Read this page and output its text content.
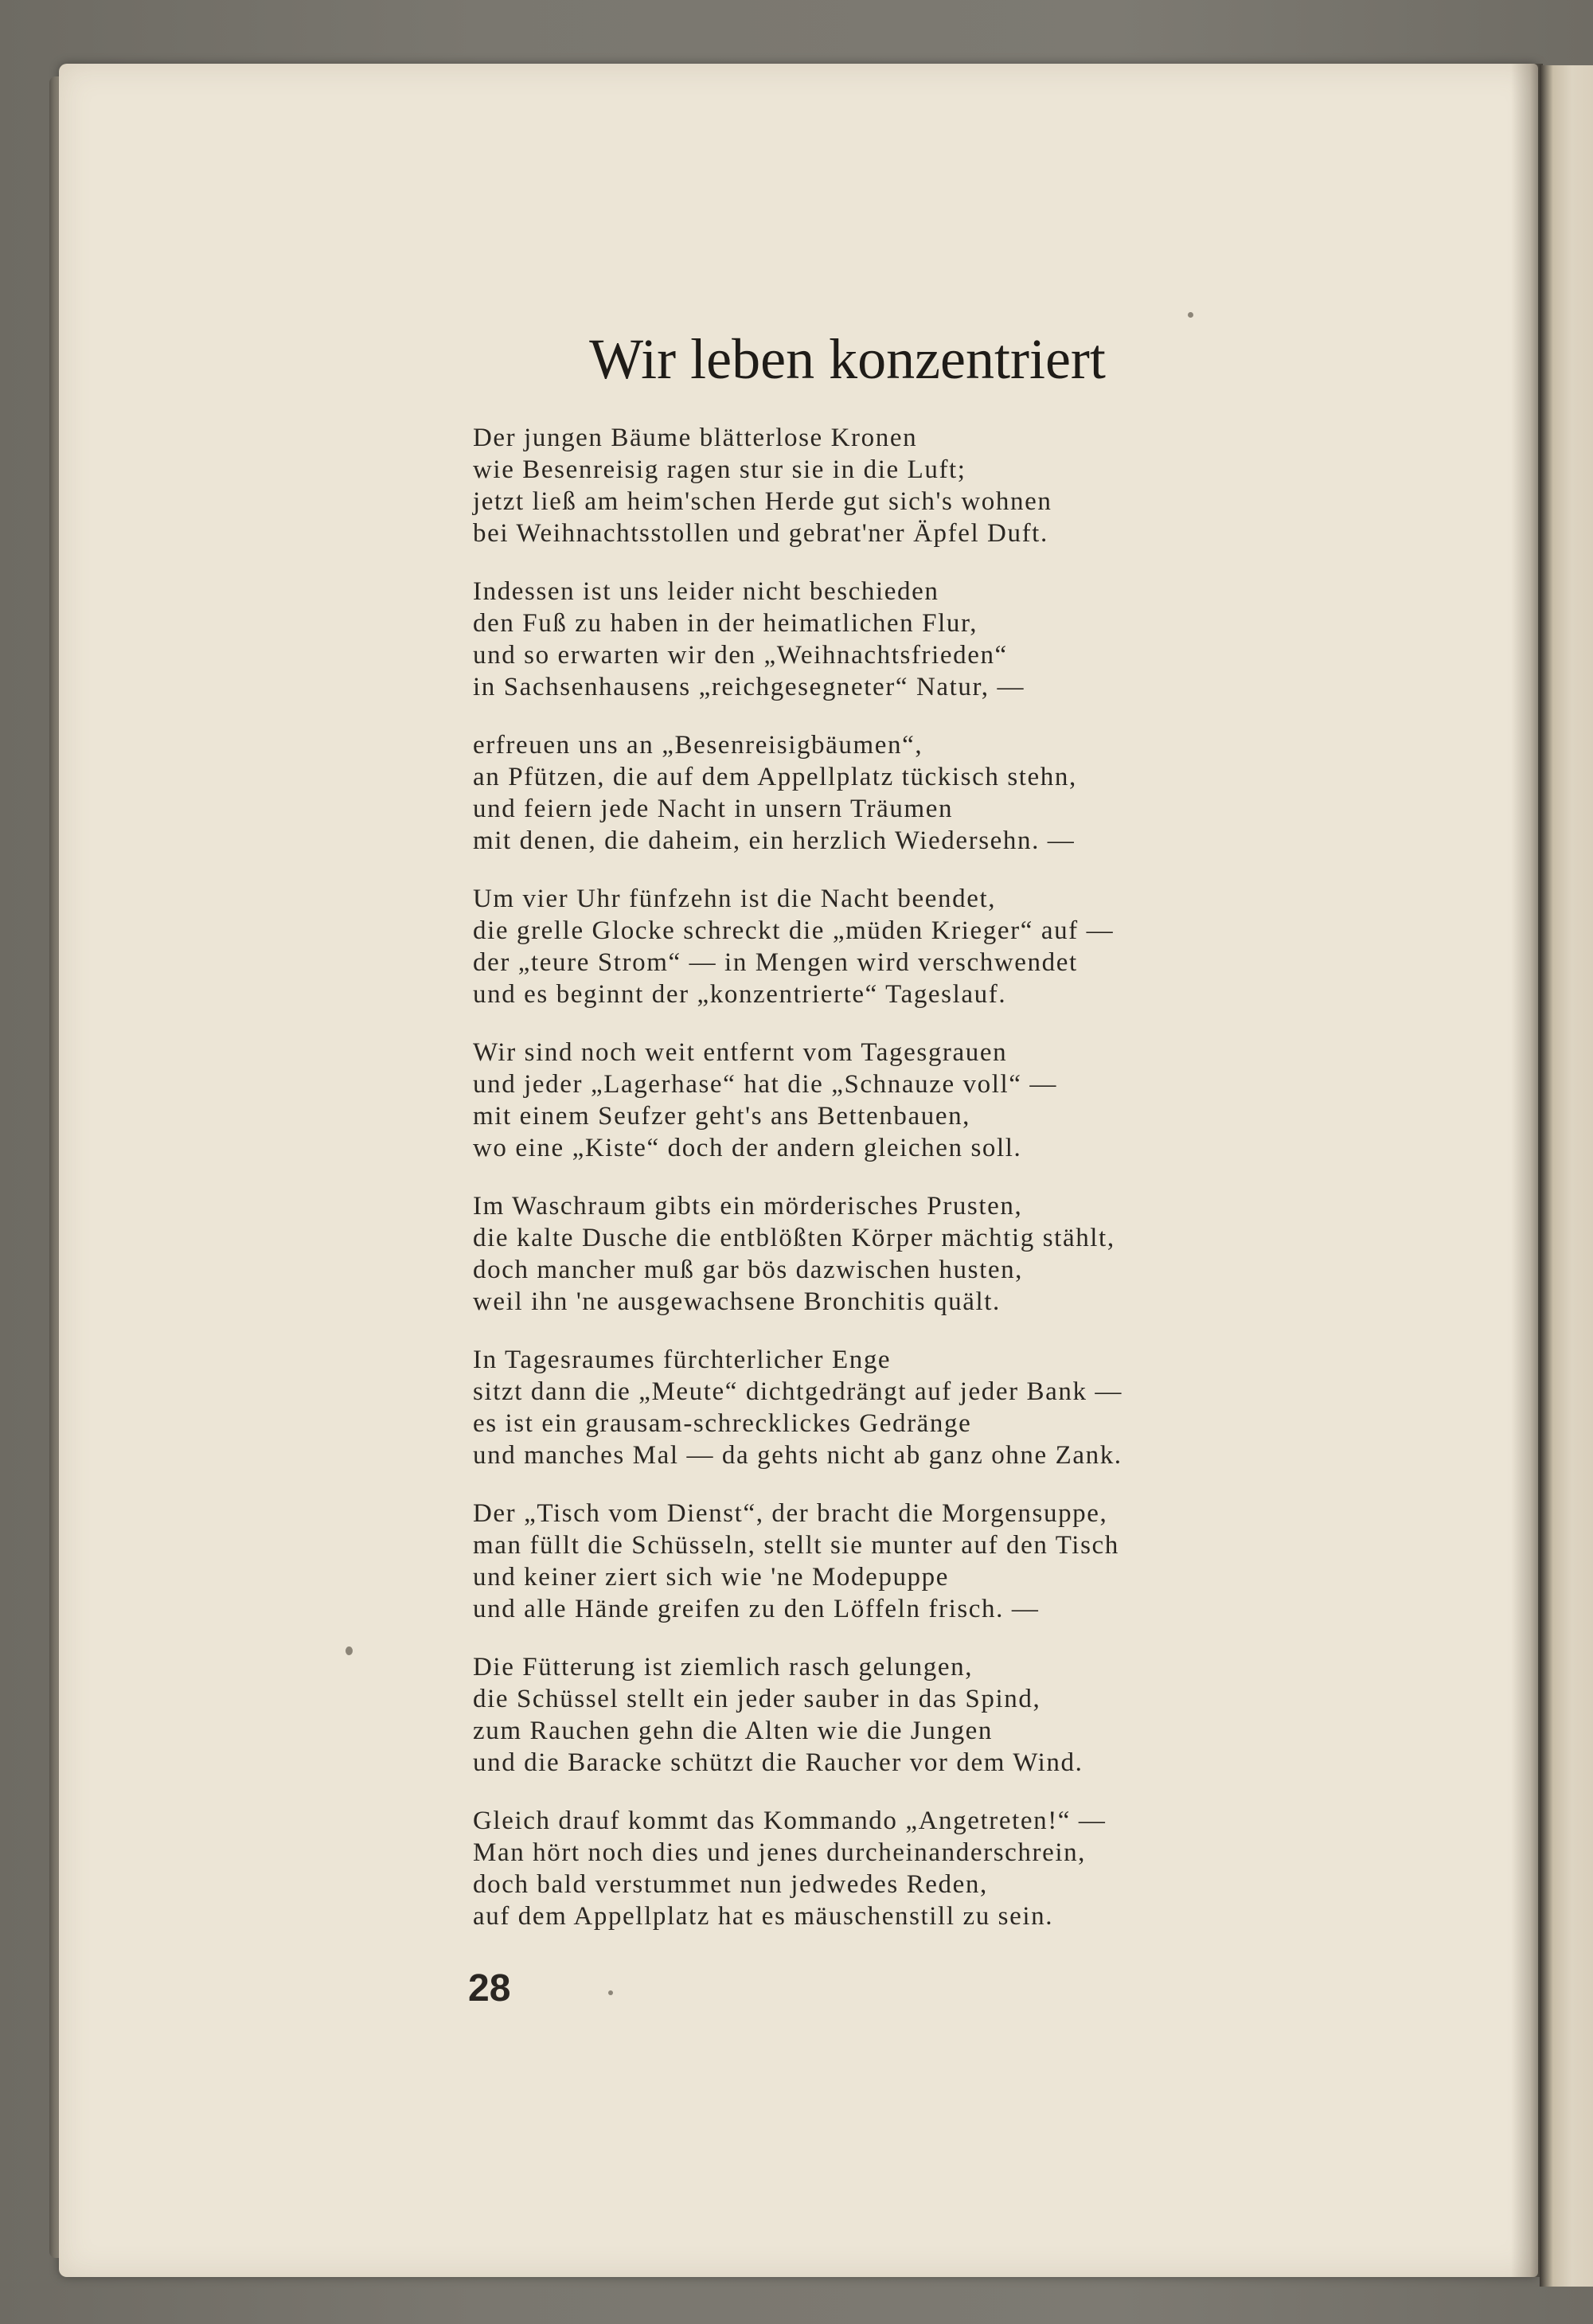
Wir leben konzentriert
Der jungen Bäume blätterlose Kronen
wie Besenreisig ragen stur sie in die Luft;
jetzt ließ am heim'schen Herde gut sich's wohnen
bei Weihnachtsstollen und gebrat'ner Äpfel Duft.
Indessen ist uns leider nicht beschieden
den Fuß zu haben in der heimatlichen Flur,
und so erwarten wir den „Weihnachtsfrieden“
in Sachsenhausens „reichgesegneter“ Natur, —
erfreuen uns an „Besenreisigbäumen“,
an Pfützen, die auf dem Appellplatz tückisch stehn,
und feiern jede Nacht in unsern Träumen
mit denen, die daheim, ein herzlich Wiedersehn. —
Um vier Uhr fünfzehn ist die Nacht beendet,
die grelle Glocke schreckt die „müden Krieger“ auf —
der „teure Strom“ — in Mengen wird verschwendet
und es beginnt der „konzentrierte“ Tageslauf.
Wir sind noch weit entfernt vom Tagesgrauen
und jeder „Lagerhase“ hat die „Schnauze voll“ —
mit einem Seufzer geht's ans Bettenbauen,
wo eine „Kiste“ doch der andern gleichen soll.
Im Waschraum gibts ein mörderisches Prusten,
die kalte Dusche die entblößten Körper mächtig stählt,
doch mancher muß gar bös dazwischen husten,
weil ihn 'ne ausgewachsene Bronchitis quält.
In Tagesraumes fürchterlicher Enge
sitzt dann die „Meute“ dichtgedrängt auf jeder Bank —
es ist ein grausam-schrecklickes Gedränge
und manches Mal — da gehts nicht ab ganz ohne Zank.
Der „Tisch vom Dienst“, der bracht die Morgensuppe,
man füllt die Schüsseln, stellt sie munter auf den Tisch
und keiner ziert sich wie 'ne Modepuppe
und alle Hände greifen zu den Löffeln frisch. —
Die Fütterung ist ziemlich rasch gelungen,
die Schüssel stellt ein jeder sauber in das Spind,
zum Rauchen gehn die Alten wie die Jungen
und die Baracke schützt die Raucher vor dem Wind.
Gleich drauf kommt das Kommando „Angetreten!“ —
Man hört noch dies und jenes durcheinanderschrein,
doch bald verstummet nun jedwedes Reden,
auf dem Appellplatz hat es mäuschenstill zu sein.
28
